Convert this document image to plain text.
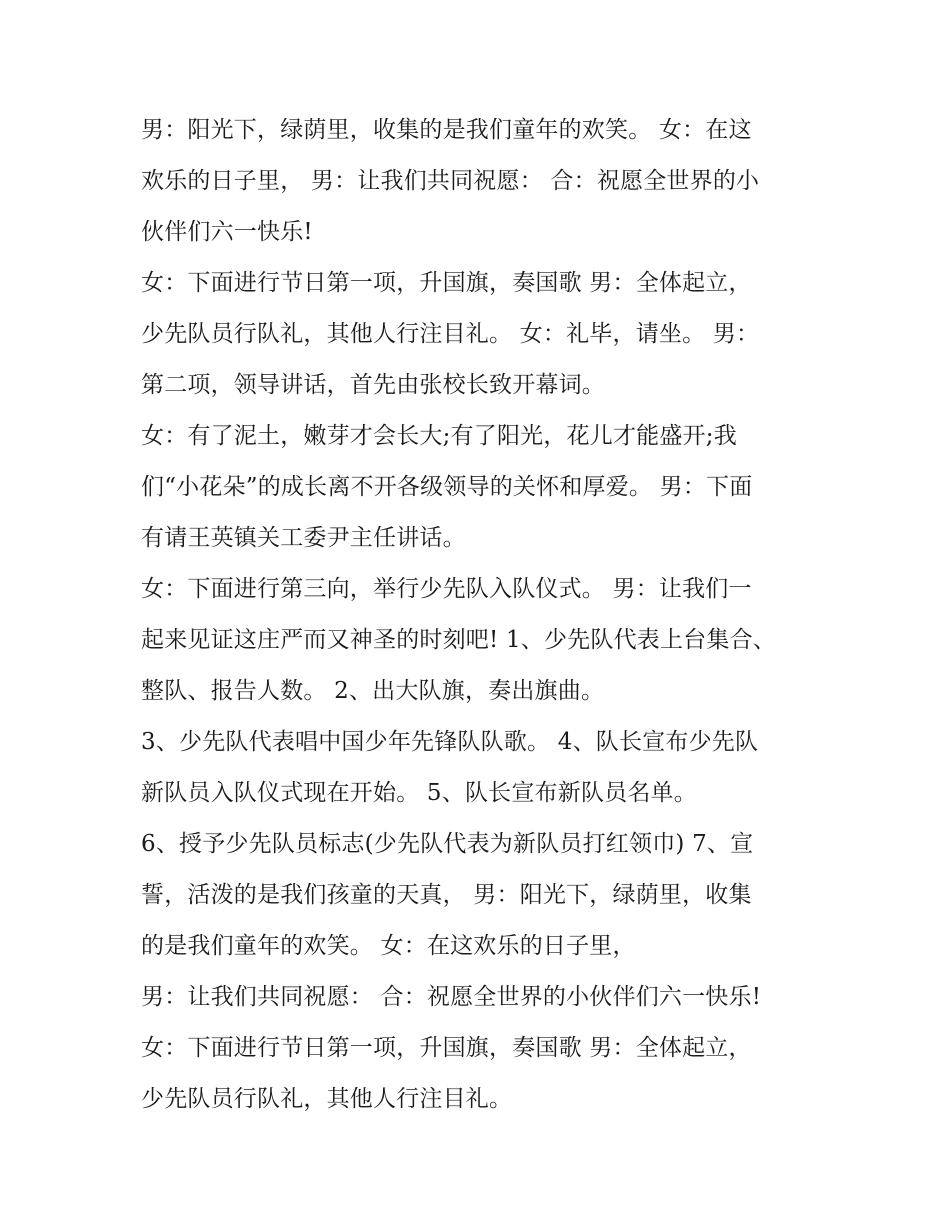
男：阳光下，绿荫里，收集的是我们童年的欢笑。 女：在这
欢乐的日子里， 男：让我们共同祝愿： 合：祝愿全世界的小
伙伴们六一快乐!
女：下面进行节日第一项，升国旗，奏国歌 男：全体起立，
少先队员行队礼，其他人行注目礼。 女：礼毕，请坐。 男：
第二项，领导讲话，首先由张校长致开幕词。
女：有了泥土，嫩芽才会长大;有了阳光，花儿才能盛开;我
们“小花朵”的成长离不开各级领导的关怀和厚爱。 男：下面
有请王英镇关工委尹主任讲话。
女：下面进行第三向，举行少先队入队仪式。 男：让我们一
起来见证这庄严而又神圣的时刻吧! 1、少先队代表上台集合、
整队、报告人数。 2、出大队旗，奏出旗曲。
3、少先队代表唱中国少年先锋队队歌。 4、队长宣布少先队
新队员入队仪式现在开始。 5、队长宣布新队员名单。
6、授予少先队员标志(少先队代表为新队员打红领巾) 7、宣
誓，活泼的是我们孩童的天真， 男：阳光下，绿荫里，收集
的是我们童年的欢笑。 女：在这欢乐的日子里，
男：让我们共同祝愿： 合：祝愿全世界的小伙伴们六一快乐!
女：下面进行节日第一项，升国旗，奏国歌 男：全体起立，
少先队员行队礼，其他人行注目礼。
